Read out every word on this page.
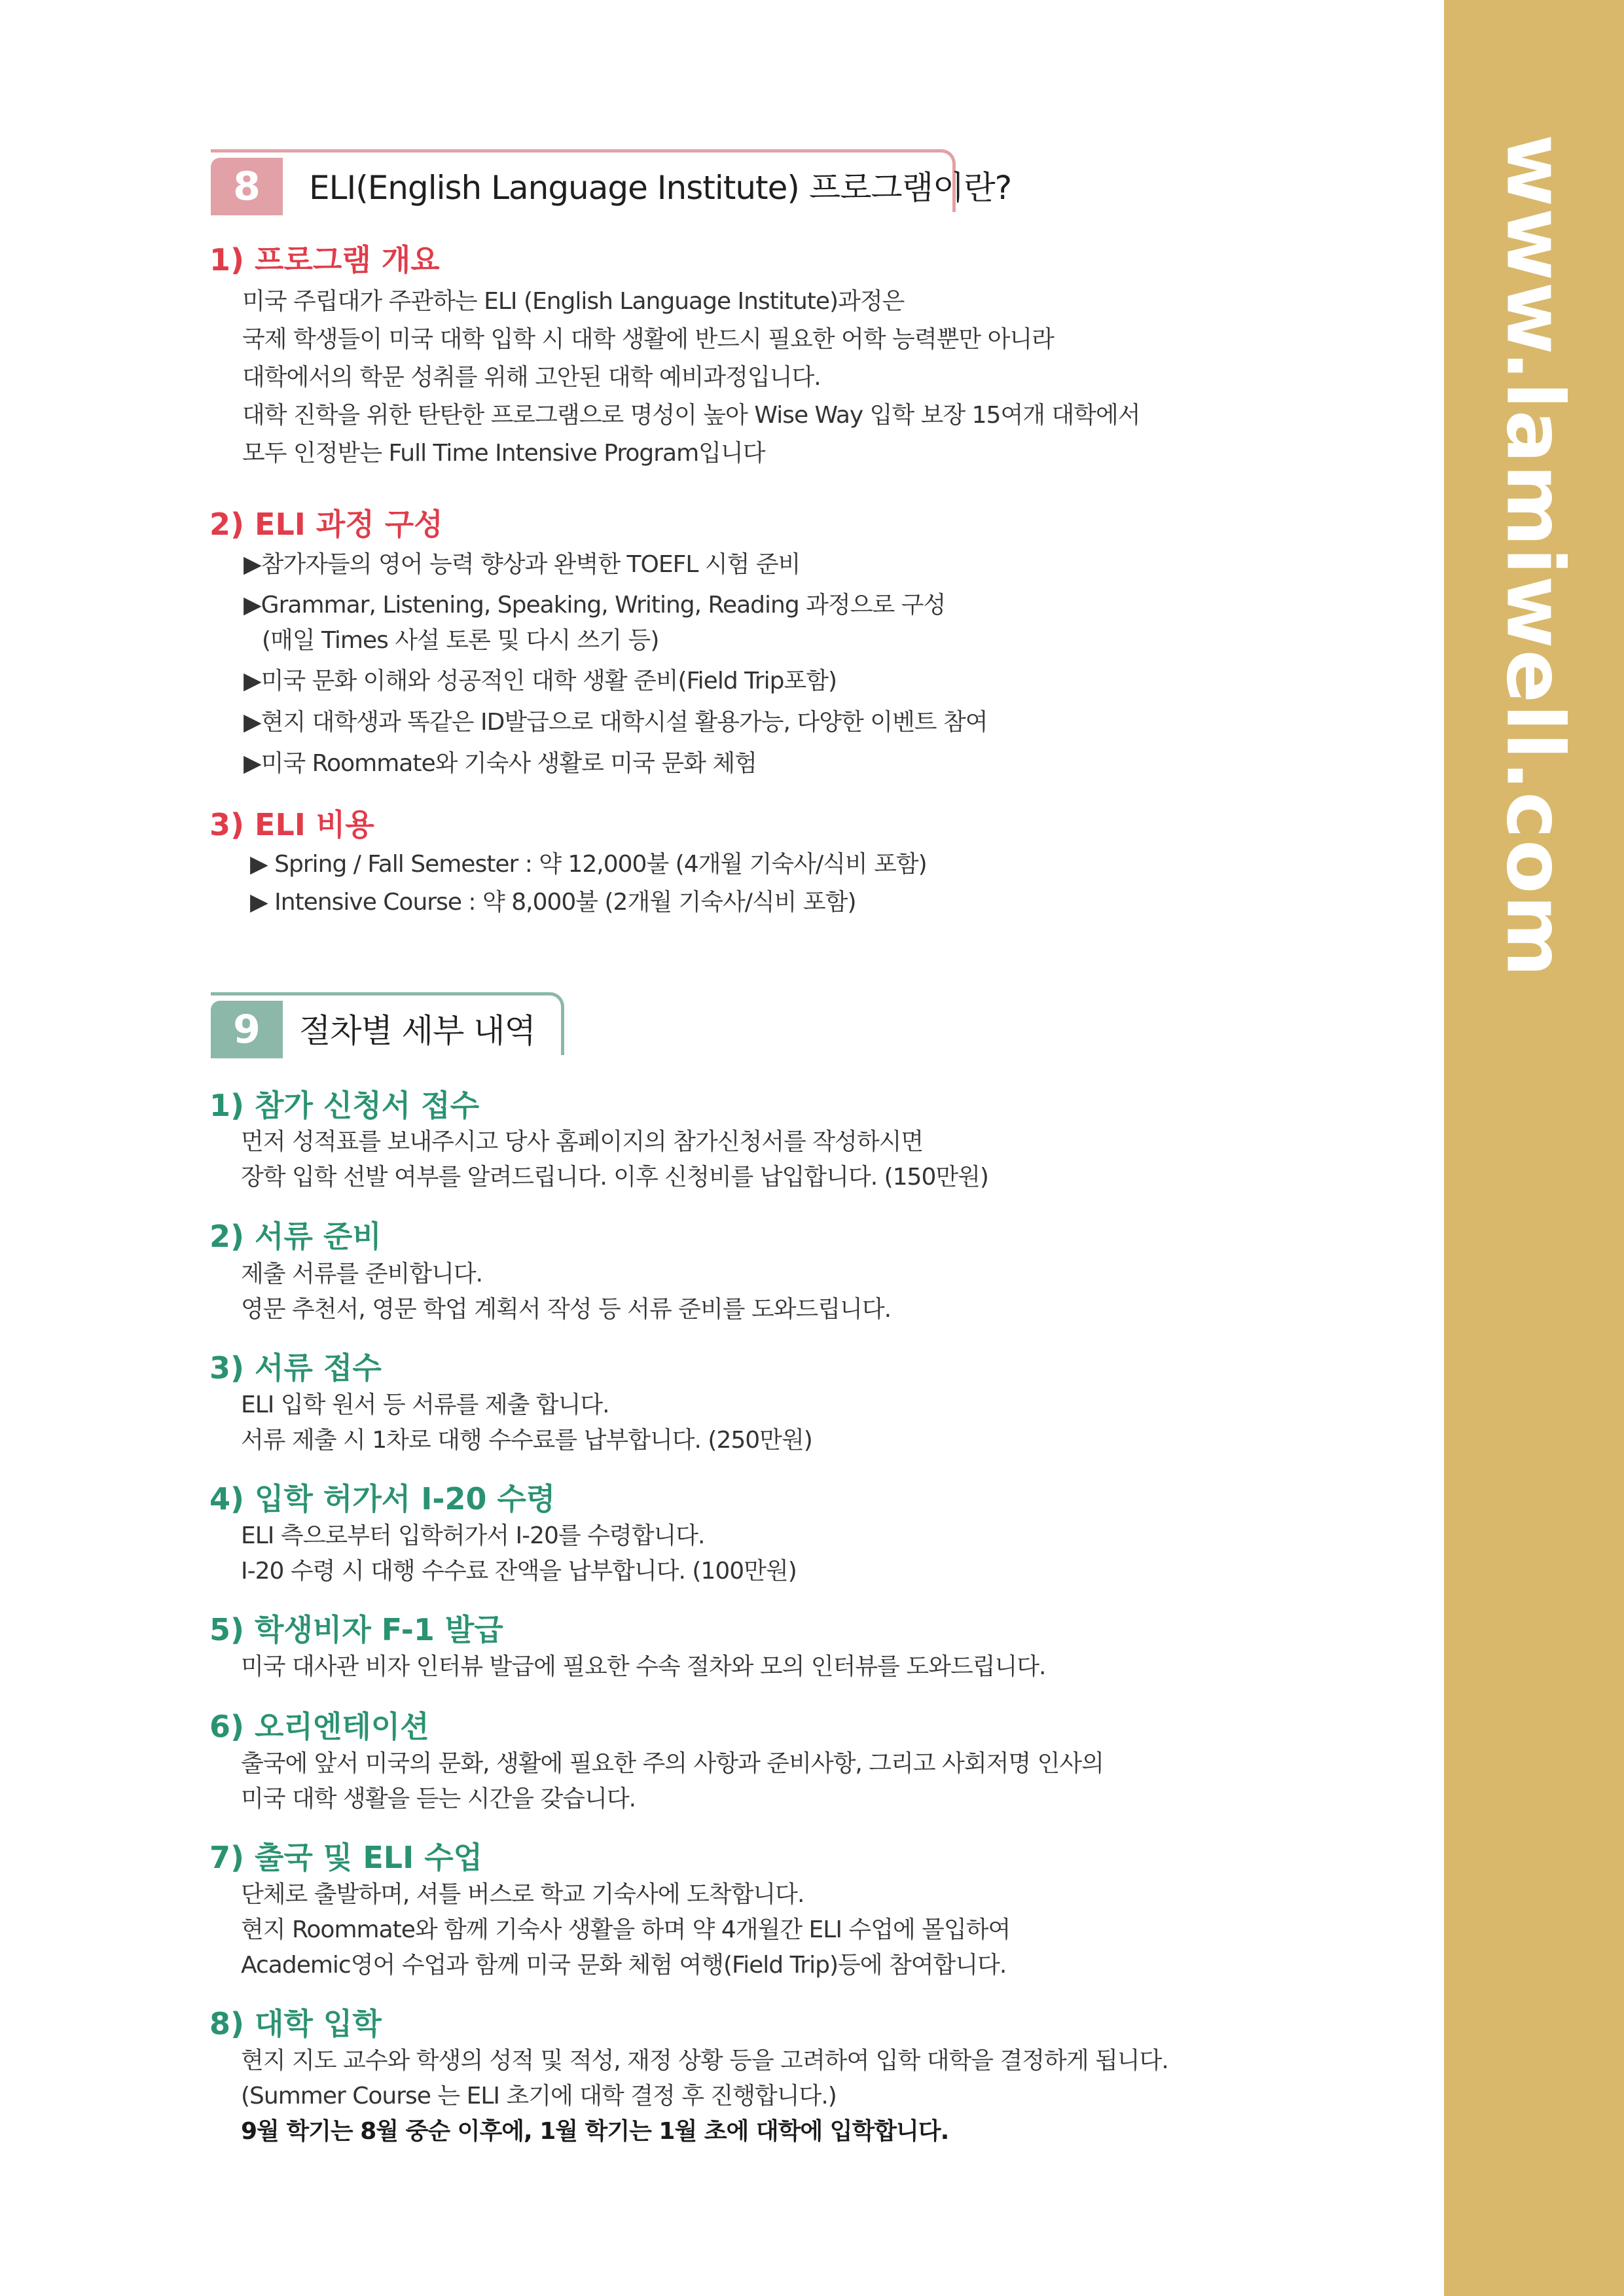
www.lamiwell.com
8	ELI(English Language Institute) 프로그램이란?
1) 프로그램 개요
미국 주립대가 주관하는 ELI (English Language Institute)과정은
국제 학생들이 미국 대학 입학 시 대학 생활에 반드시 필요한 어학 능력뿐만 아니라
대학에서의 학문 성취를 위해 고안된 대학 예비과정입니다.
대학 진학을 위한 탄탄한 프로그램으로 명성이 높아 Wise Way 입학 보장 15여개 대학에서
모두 인정받는 Full Time Intensive Program입니다
2) ELI 과정 구성
▶참가자들의 영어 능력 향상과 완벽한 TOEFL 시험 준비
▶Grammar, Listening, Speaking, Writing, Reading 과정으로 구성
(매일 Times 사설 토론 및 다시 쓰기 등)
▶미국 문화 이해와 성공적인 대학 생활 준비(Field Trip포함)
▶현지 대학생과 똑같은 ID발급으로 대학시설 활용가능, 다양한 이벤트 참여
▶미국 Roommate와 기숙사 생활로 미국 문화 체험
3) ELI 비용
▶ Spring / Fall Semester : 약 12,000불 (4개월 기숙사/식비 포함)
▶ Intensive Course : 약 8,000불 (2개월 기숙사/식비 포함)
9	절차별 세부 내역
1) 참가 신청서 접수
먼저 성적표를 보내주시고 당사 홈페이지의 참가신청서를 작성하시면
장학 입학 선발 여부를 알려드립니다. 이후 신청비를 납입합니다. (150만원)
2) 서류 준비
제출 서류를 준비합니다.
영문 추천서, 영문 학업 계획서 작성 등 서류 준비를 도와드립니다.
3) 서류 접수
ELI 입학 원서 등 서류를 제출 합니다.
서류 제출 시 1차로 대행 수수료를 납부합니다. (250만원)
4) 입학 허가서 I-20 수령
ELI 측으로부터 입학허가서 I-20를 수령합니다.
I-20 수령 시 대행 수수료 잔액을 납부합니다. (100만원)
5) 학생비자 F-1 발급
미국 대사관 비자 인터뷰 발급에 필요한 수속 절차와 모의 인터뷰를 도와드립니다.
6) 오리엔테이션
출국에 앞서 미국의 문화, 생활에 필요한 주의 사항과 준비사항, 그리고 사회저명 인사의
미국 대학 생활을 듣는 시간을 갖습니다.
7) 출국 및 ELI 수업
단체로 출발하며, 셔틀 버스로 학교 기숙사에 도착합니다.
현지 Roommate와 함께 기숙사 생활을 하며 약 4개월간 ELI 수업에 몰입하여
Academic영어 수업과 함께 미국 문화 체험 여행(Field Trip)등에 참여합니다.
8) 대학 입학
현지 지도 교수와 학생의 성적 및 적성, 재정 상황 등을 고려하여 입학 대학을 결정하게 됩니다.
(Summer Course 는 ELI 초기에 대학 결정 후 진행합니다.)
9월 학기는 8월 중순 이후에, 1월 학기는 1월 초에 대학에 입학합니다.
